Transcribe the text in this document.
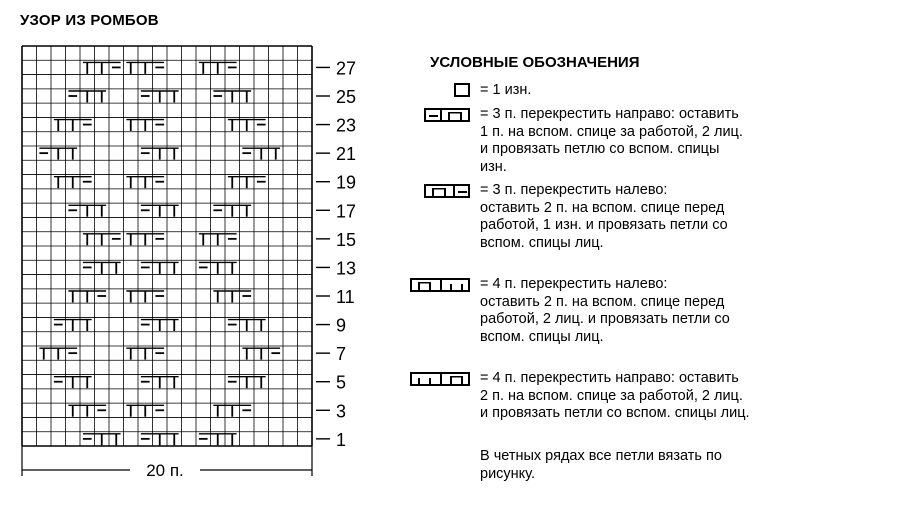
УЗОР ИЗ РОМБОВ
27
25
23
21
19
17
15
13
11
9
7
5
3
1
20 п.
УСЛОВНЫЕ ОБОЗНАЧЕНИЯ
= 1 изн.
= 3 п. перекрестить направо: оставить 1 п. на вспом. спице за работой, 2 лиц. и провязать петлю со вспом. спицы изн.
= 3 п. перекрестить налево: оставить 2 п. на вспом. спице перед работой, 1 изн. и провязать петли со вспом. спицы лиц.
= 4 п. перекрестить налево: оставить 2 п. на вспом. спице перед работой, 2 лиц. и провязать петли со вспом. спицы лиц.
= 4 п. перекрестить направо: оставить 2 п. на вспом. спице за работой, 2 лиц. и провязать петли со вспом. спицы лиц.
В четных рядах все петли вязать по рисунку.
